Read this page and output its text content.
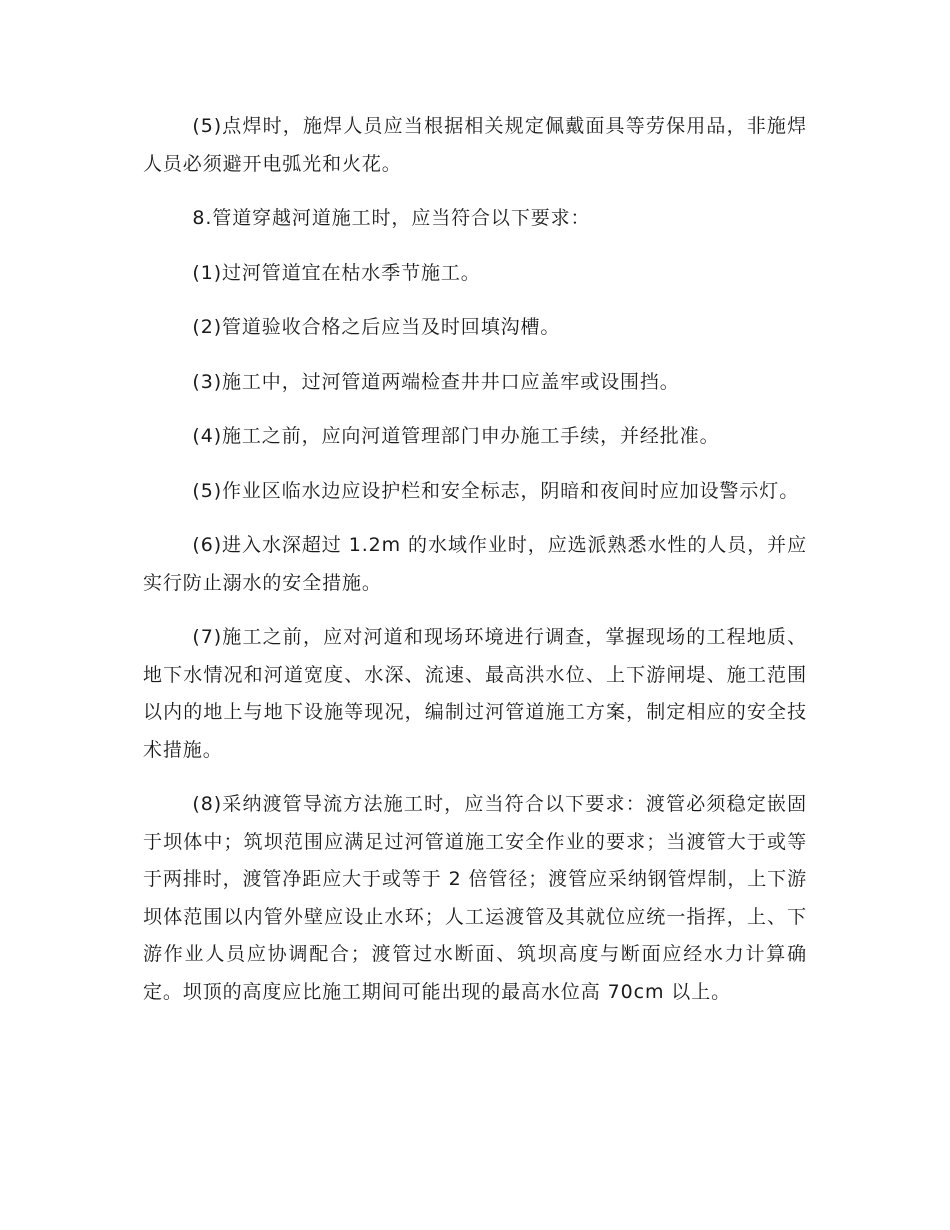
(5)点焊时，施焊人员应当根据相关规定佩戴面具等劳保用品，非施焊人员必须避开电弧光和火花。

8.管道穿越河道施工时，应当符合以下要求：

(1)过河管道宜在枯水季节施工。

(2)管道验收合格之后应当及时回填沟槽。

(3)施工中，过河管道两端检查井井口应盖牢或设围挡。

(4)施工之前，应向河道管理部门申办施工手续，并经批准。

(5)作业区临水边应设护栏和安全标志，阴暗和夜间时应加设警示灯。

(6)进入水深超过 1.2m 的水域作业时，应选派熟悉水性的人员，并应实行防止溺水的安全措施。

(7)施工之前，应对河道和现场环境进行调查，掌握现场的工程地质、地下水情况和河道宽度、水深、流速、最高洪水位、上下游闸堤、施工范围以内的地上与地下设施等现况，编制过河管道施工方案，制定相应的安全技术措施。

(8)采纳渡管导流方法施工时，应当符合以下要求：渡管必须稳定嵌固于坝体中；筑坝范围应满足过河管道施工安全作业的要求；当渡管大于或等于两排时，渡管净距应大于或等于 2 倍管径；渡管应采纳钢管焊制，上下游坝体范围以内管外壁应设止水环；人工运渡管及其就位应统一指挥，上、下游作业人员应协调配合；渡管过水断面、筑坝高度与断面应经水力计算确定。坝顶的高度应比施工期间可能出现的最高水位高 70cm 以上。
